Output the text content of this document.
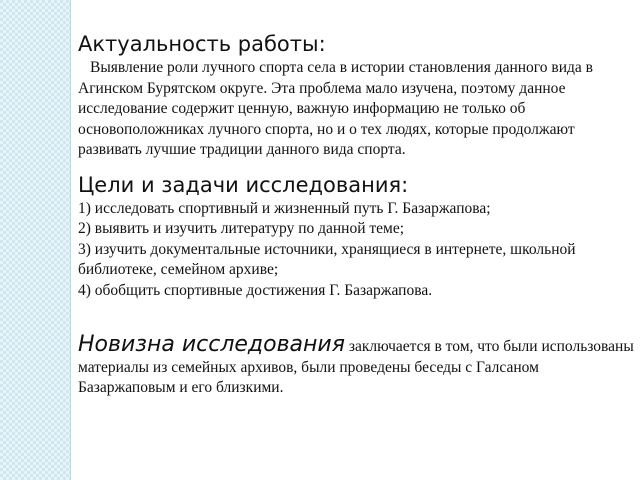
Актуальность работы:

Выявление роли лучного спорта села в истории становления данного вида в Агинском Бурятском округе. Эта проблема мало изучена, поэтому данное исследование содержит ценную, важную информацию не только об основоположниках лучного спорта, но и о тех людях, которые продолжают развивать лучшие традиции данного вида спорта.

Цели и задачи исследования:

1) исследовать спортивный и жизненный путь Г. Базаржапова;

2) выявить и изучить литературу по данной теме;

3) изучить документальные источники, хранящиеся в интернете, школьной библиотеке, семейном архиве;

4) обобщить спортивные достижения Г. Базаржапова.

Новизна исследования заключается в том, что были использованы материалы из семейных архивов, были проведены беседы с Галсаном Базаржаповым и его близкими.
